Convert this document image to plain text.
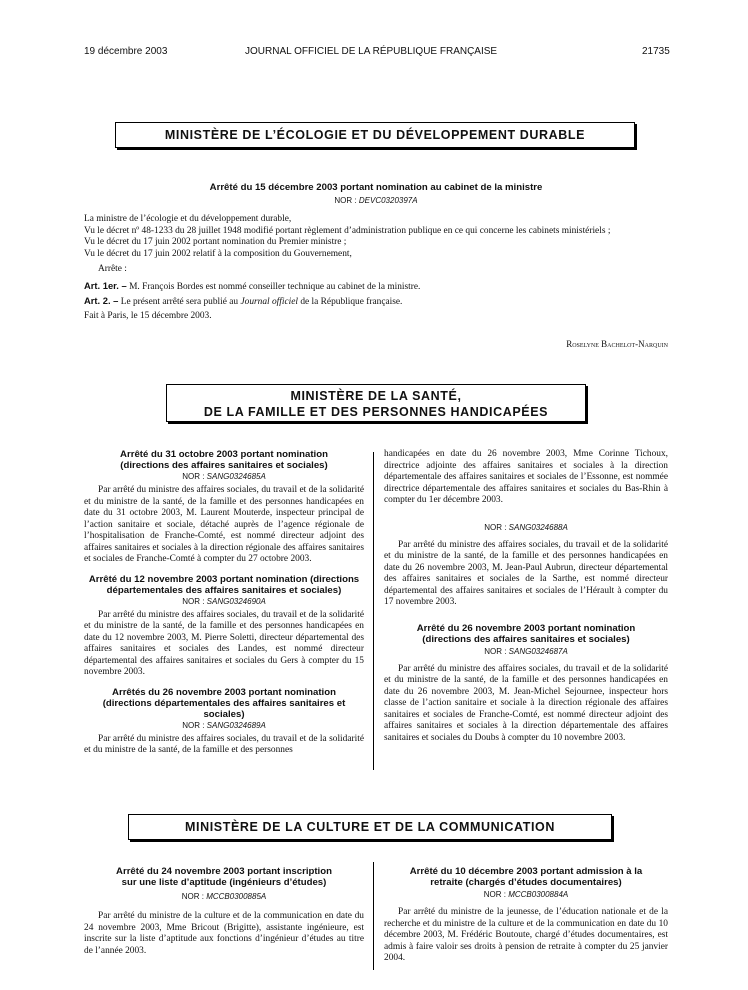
19 décembre 2003	JOURNAL OFFICIEL DE LA RÉPUBLIQUE FRANÇAISE	21735
MINISTÈRE DE L’ÉCOLOGIE ET DU DÉVELOPPEMENT DURABLE
Arrêté du 15 décembre 2003 portant nomination au cabinet de la ministre
NOR : DEVC0320397A

La ministre de l’écologie et du développement durable,

Vu le décret nº 48-1233 du 28 juillet 1948 modifié portant règlement d’administration publique en ce qui concerne les cabinets ministériels ;

Vu le décret du 17 juin 2002 portant nomination du Premier ministre ;

Vu le décret du 17 juin 2002 relatif à la composition du Gouvernement,

Arrête :

Art. 1er. – M. François Bordes est nommé conseiller technique au cabinet de la ministre.

Art. 2. – Le présent arrêté sera publié au Journal officiel de la République française.

Fait à Paris, le 15 décembre 2003.

Roselyne Bachelot-Narquin
MINISTÈRE DE LA SANTÉ,
DE LA FAMILLE ET DES PERSONNES HANDICAPÉES
Arrêté du 31 octobre 2003 portant nomination (directions des affaires sanitaires et sociales)
NOR : SANG0324685A

Par arrêté du ministre des affaires sociales, du travail et de la solidarité et du ministre de la santé, de la famille et des personnes handicapées en date du 31 octobre 2003, M. Laurent Mouterde, inspecteur principal de l’action sanitaire et sociale, détaché auprès de l’agence régionale de l’hospitalisation de Franche-Comté, est nommé directeur adjoint des affaires sanitaires et sociales à la direction régionale des affaires sanitaires et sociales de Franche-Comté à compter du 27 octobre 2003.

Arrêté du 12 novembre 2003 portant nomination (directions départementales des affaires sanitaires et sociales)
NOR : SANG0324690A

Par arrêté du ministre des affaires sociales, du travail et de la solidarité et du ministre de la santé, de la famille et des personnes handicapées en date du 12 novembre 2003, M. Pierre Soletti, directeur départemental des affaires sanitaires et sociales des Landes, est nommé directeur départemental des affaires sanitaires et sociales du Gers à compter du 15 novembre 2003.

Arrêtés du 26 novembre 2003 portant nomination (directions départementales des affaires sanitaires et sociales)
NOR : SANG0324689A

Par arrêté du ministre des affaires sociales, du travail et de la solidarité et du ministre de la santé, de la famille et des personnes

handicapées en date du 26 novembre 2003, Mme Corinne Tichoux, directrice adjointe des affaires sanitaires et sociales à la direction départementale des affaires sanitaires et sociales de l’Essonne, est nommée directrice départementale des affaires sanitaires et sociales du Bas-Rhin à compter du 1er décembre 2003.

NOR : SANG0324688A

Par arrêté du ministre des affaires sociales, du travail et de la solidarité et du ministre de la santé, de la famille et des personnes handicapées en date du 26 novembre 2003, M. Jean-Paul Aubrun, directeur départemental des affaires sanitaires et sociales de la Sarthe, est nommé directeur départemental des affaires sanitaires et sociales de l’Hérault à compter du 17 novembre 2003.

Arrêté du 26 novembre 2003 portant nomination (directions des affaires sanitaires et sociales)
NOR : SANG0324687A

Par arrêté du ministre des affaires sociales, du travail et de la solidarité et du ministre de la santé, de la famille et des personnes handicapées en date du 26 novembre 2003, M. Jean-Michel Sejournee, inspecteur hors classe de l’action sanitaire et sociale à la direction régionale des affaires sanitaires et sociales de Franche-Comté, est nommé directeur adjoint des affaires sanitaires et sociales à la direction départementale des affaires sanitaires et sociales du Doubs à compter du 10 novembre 2003.

MINISTÈRE DE LA CULTURE ET DE LA COMMUNICATION
Arrêté du 24 novembre 2003 portant inscription sur une liste d’aptitude (ingénieurs d’études)
NOR : MCCB0300885A

Par arrêté du ministre de la culture et de la communication en date du 24 novembre 2003, Mme Bricout (Brigitte), assistante ingénieure, est inscrite sur la liste d’aptitude aux fonctions d’ingénieur d’études au titre de l’année 2003.

Arrêté du 10 décembre 2003 portant admission à la retraite (chargés d’études documentaires)
NOR : MCCB0300884A

Par arrêté du ministre de la jeunesse, de l’éducation nationale et de la recherche et du ministre de la culture et de la communication en date du 10 décembre 2003, M. Frédéric Boutoute, chargé d’études documentaires, est admis à faire valoir ses droits à pension de retraite à compter du 25 janvier 2004.
